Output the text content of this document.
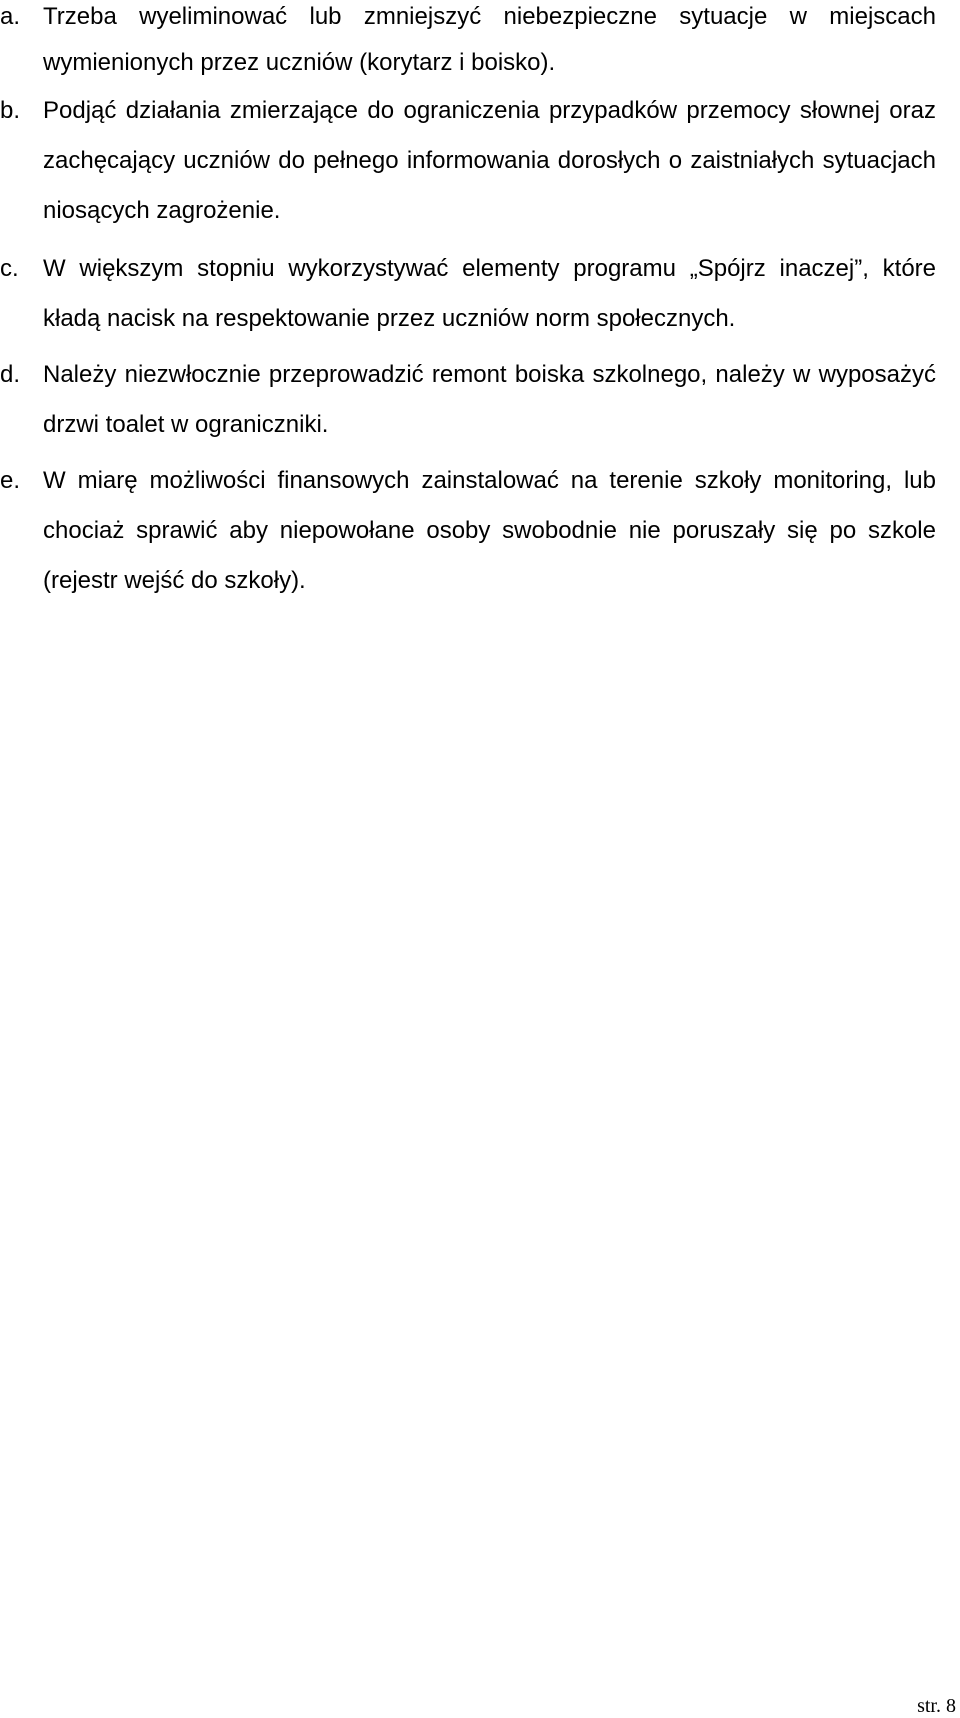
a. Trzeba wyeliminować lub zmniejszyć niebezpieczne sytuacje w miejscach wymienionych przez uczniów (korytarz i boisko).
b. Podjąć działania zmierzające do ograniczenia przypadków przemocy słownej oraz zachęcający uczniów do pełnego informowania dorosłych o zaistniałych sytuacjach niosących zagrożenie.
c. W większym stopniu wykorzystywać elementy programu „Spójrz inaczej”, które kładą nacisk na respektowanie przez uczniów norm społecznych.
d. Należy niezwłocznie przeprowadzić remont boiska szkolnego, należy w wyposażyć drzwi toalet w ograniczniki.
e. W miarę możliwości finansowych zainstalować na terenie szkoły monitoring, lub chociaż sprawić aby niepowołane osoby swobodnie nie poruszały się po szkole (rejestr wejść do szkoły).
str. 8
